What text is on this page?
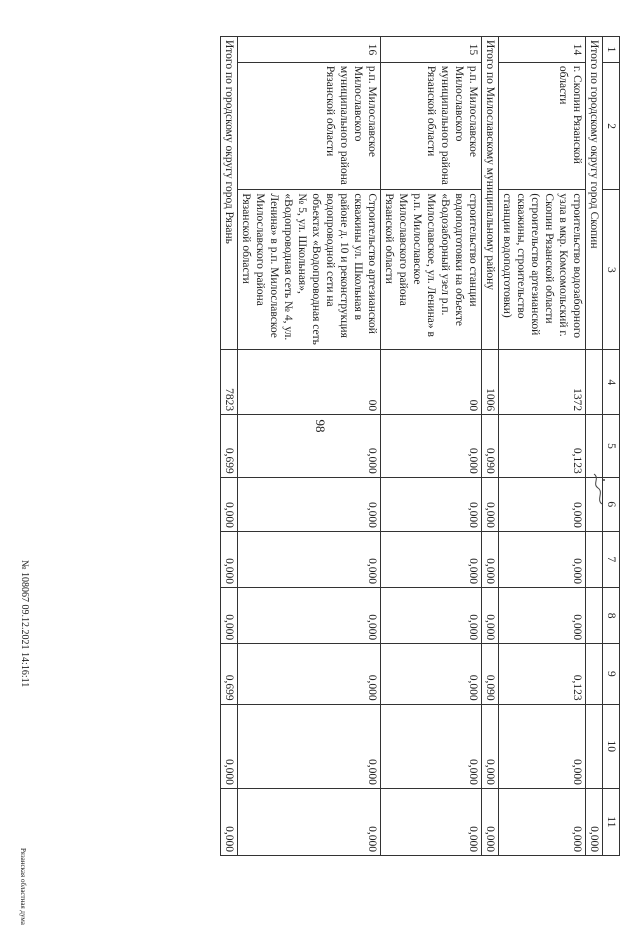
98
1	2	3	4	5	6	7	8	9	10	11
Итого по городскому округу город Скопин										0,000
14	г. Скопин Рязанской области	строительство водозаборного узла в мкр. Комсомольский г. Скопин Рязанской области (строительство артезианской скважины, строительство станции водоподготовки)	1372	0,123	0,000	0,000	0,000	0,123	0,000	0,000
Итого по Милославскому муниципальному району			1006	0,090	0,000	0,000	0,000	0,090	0,000	0,000
15	р.п. Милославское Милославского муниципального района Рязанской области	строительство станции водоподготовки на объекте «Водозаборный узел р.п. Милославское, ул. Ленина» в р.п. Милославское Милославского района Рязанской области	00	0,000	0,000	0,000	0,000	0,000	0,000	0,000
16	р.п. Милославское Милославского муниципального района Рязанской области	Строительство артезианской скважины ул. Школьная в районе д. 10 и реконструкция водопроводной сети на объектах «Водопроводная сеть № 5, ул. Школьная», «Водопроводная сеть № 4, ул. Ленина» в р.п. Милославское Милославского района Рязанской области	00	0,000	0,000	0,000	0,000	0,000	0,000	0,000
Итого по городскому округу город Рязань			7823	0,699	0,000	0,000	0,000	0,699	0,000	0,000
№ 108067 09.12.2021 14:16:11
Рязанская областная дума
